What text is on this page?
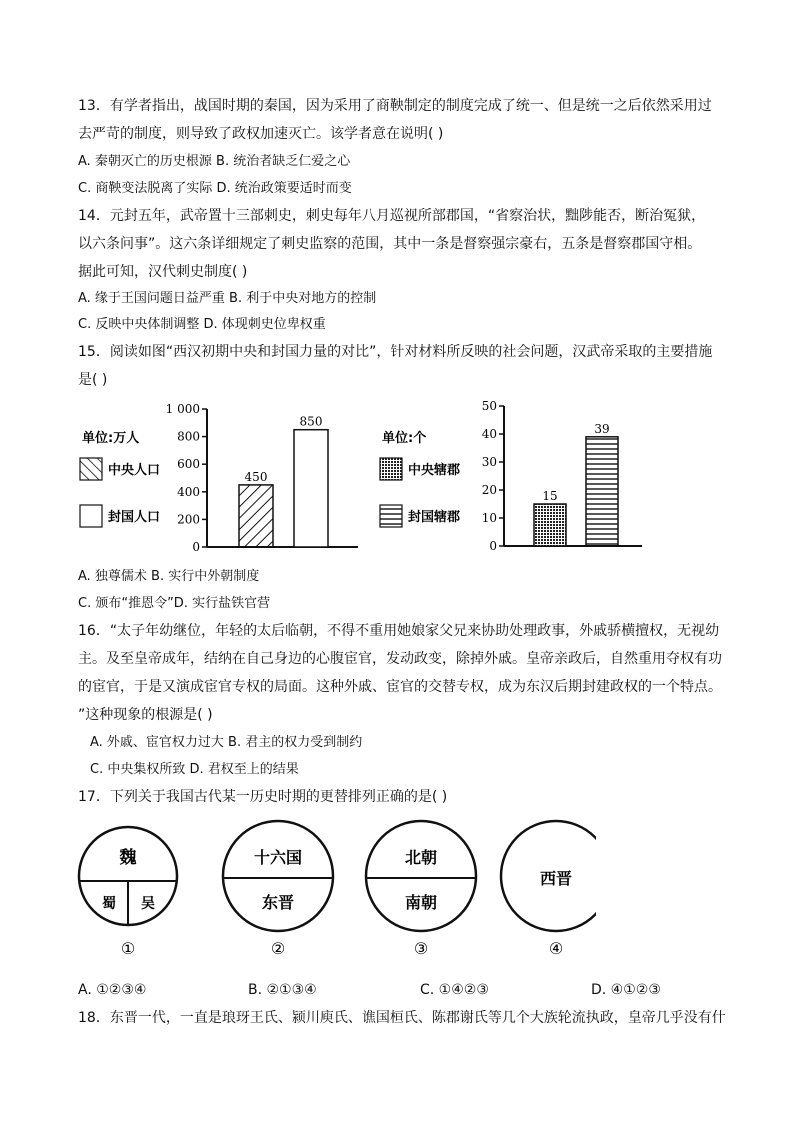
13．有学者指出，战国时期的秦国，因为采用了商鞅制定的制度完成了统一、但是统一之后依然采用过
去严苛的制度，则导致了政权加速灭亡。该学者意在说明( )
A. 秦朝灭亡的历史根源 B. 统治者缺乏仁爱之心
C. 商鞅变法脱离了实际 D. 统治政策要适时而变
14．元封五年，武帝置十三部刺史，刺史每年八月巡视所部郡国，“省察治状，黜陟能否，断治冤狱，
以六条问事”。这六条详细规定了刺史监察的范围，其中一条是督察强宗豪右，五条是督察郡国守相。
据此可知，汉代刺史制度( )
A. 缘于王国问题日益严重 B. 利于中央对地方的控制
C. 反映中央体制调整 D. 体现刺史位卑权重
15．阅读如图“西汉初期中央和封国力量的对比”，针对材料所反映的社会问题，汉武帝采取的主要措施
是( )
单位:万人
中央人口
封国人口
0
200
400
600
800
1 000
450
850
单位:个
中央辖郡
封国辖郡
0
10
20
30
40
50
15
39
A. 独尊儒术 B. 实行中外朝制度
C. 颁布“推恩令”D. 实行盐铁官营
16．“太子年幼继位，年轻的太后临朝，不得不重用她娘家父兄来协助处理政事，外戚骄横擅权，无视幼
主。及至皇帝成年，结纳在自己身边的心腹宦官，发动政变，除掉外戚。皇帝亲政后，自然重用夺权有功
的宦官，于是又演成宦官专权的局面。这种外戚、宦官的交替专权，成为东汉后期封建政权的一个特点。
”这种现象的根源是( )
A. 外戚、宦官权力过大 B. 君主的权力受到制约
C. 中央集权所致 D. 君权至上的结果
17．下列关于我国古代某一历史时期的更替排列正确的是( )
魏
蜀 吴
①
十六国
东晋
②
北朝
南朝
③
西晋
④
A. ①②③④	B. ②①③④	C. ①④②③	D. ④①②③
18．东晋一代，一直是琅玡王氏、颍川庾氏、谯国桓氏、陈郡谢氏等几个大族轮流执政，皇帝几乎没有什
